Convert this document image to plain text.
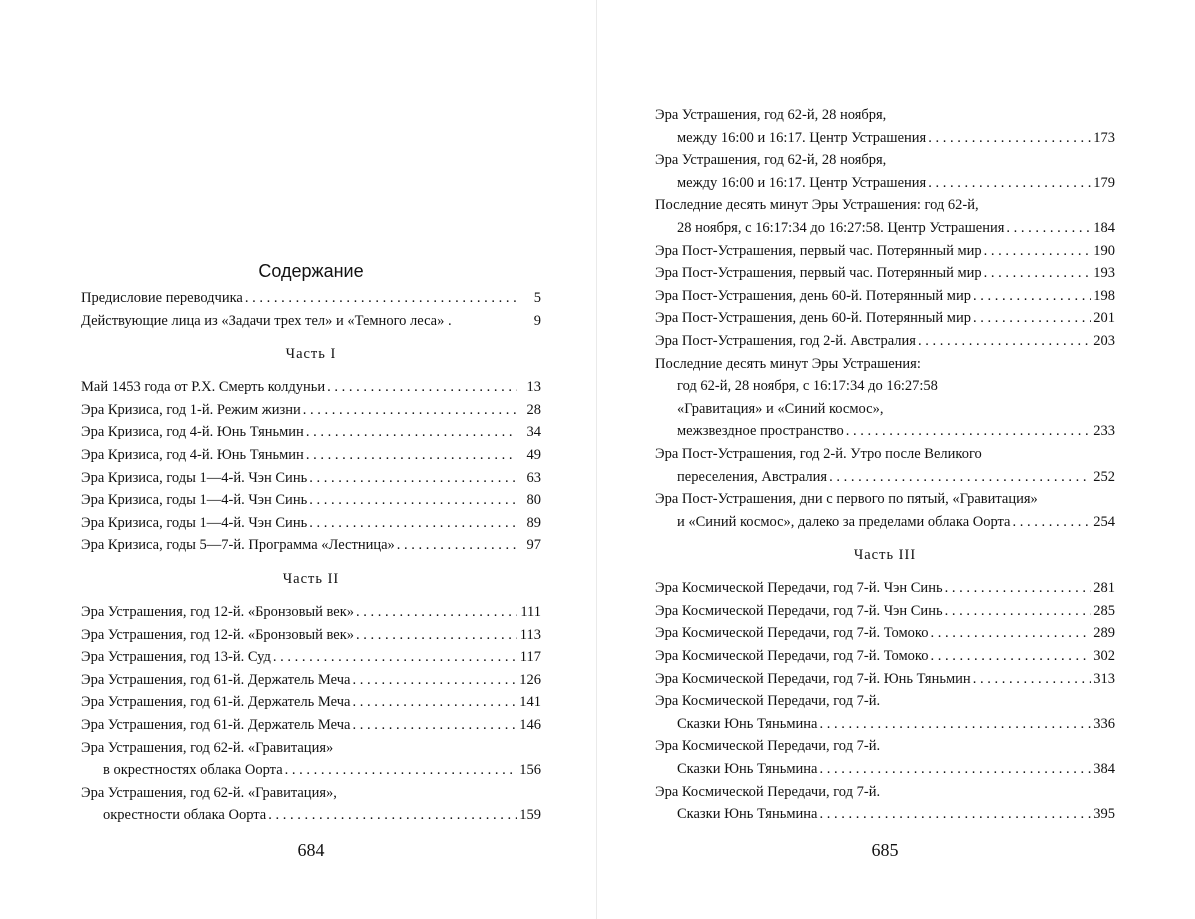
Содержание
Предисловие переводчика . . .	5
Действующие лица из «Задачи трех тел» и «Темного леса» .	9
Часть I
Май 1453 года от Р.Х. Смерть колдуньи . . .	13
Эра Кризиса, год 1-й. Режим жизни . . .	28
Эра Кризиса, год 4-й. Юнь Тяньмин . . .	34
Эра Кризиса, год 4-й. Юнь Тяньмин . . .	49
Эра Кризиса, годы 1—4-й. Чэн Синь . . .	63
Эра Кризиса, годы 1—4-й. Чэн Синь . . .	80
Эра Кризиса, годы 1—4-й. Чэн Синь . . .	89
Эра Кризиса, годы 5—7-й. Программа «Лестница» . . .	97
Часть II
Эра Устрашения, год 12-й. «Бронзовый век» . . .	111
Эра Устрашения, год 12-й. «Бронзовый век» . . .	113
Эра Устрашения, год 13-й. Суд . . .	117
Эра Устрашения, год 61-й. Держатель Меча . . .	126
Эра Устрашения, год 61-й. Держатель Меча . . .	141
Эра Устрашения, год 61-й. Держатель Меча . . .	146
Эра Устрашения, год 62-й. «Гравитация»
в окрестностях облака Оорта . . .	156
Эра Устрашения, год 62-й. «Гравитация»,
окрестности облака Оорта . . .	159
684
Эра Устрашения, год 62-й, 28 ноября,
между 16:00 и 16:17. Центр Устрашения . . .	173
Эра Устрашения, год 62-й, 28 ноября,
между 16:00 и 16:17. Центр Устрашения . . .	179
Последние десять минут Эры Устрашения: год 62-й,
28 ноября, с 16:17:34 до 16:27:58. Центр Устрашения . . .	184
Эра Пост-Устрашения, первый час. Потерянный мир . . .	190
Эра Пост-Устрашения, первый час. Потерянный мир . . .	193
Эра Пост-Устрашения, день 60-й. Потерянный мир . . .	198
Эра Пост-Устрашения, день 60-й. Потерянный мир . . .	201
Эра Пост-Устрашения, год 2-й. Австралия . . .	203
Последние десять минут Эры Устрашения:
год 62-й, 28 ноября, с 16:17:34 до 16:27:58
«Гравитация» и «Синий космос»,
межзвездное пространство . . .	233
Эра Пост-Устрашения, год 2-й. Утро после Великого
переселения, Австралия . . .	252
Эра Пост-Устрашения, дни с первого по пятый, «Гравитация»
и «Синий космос», далеко за пределами облака Оорта . . .	254
Часть III
Эра Космической Передачи, год 7-й. Чэн Синь . . .	281
Эра Космической Передачи, год 7-й. Чэн Синь . . .	285
Эра Космической Передачи, год 7-й. Томоко . . .	289
Эра Космической Передачи, год 7-й. Томоко . . .	302
Эра Космической Передачи, год 7-й. Юнь Тяньмин . . .	313
Эра Космической Передачи, год 7-й.
Сказки Юнь Тяньмина . . .	336
Эра Космической Передачи, год 7-й.
Сказки Юнь Тяньмина . . .	384
Эра Космической Передачи, год 7-й.
Сказки Юнь Тяньмина . . .	395
685
